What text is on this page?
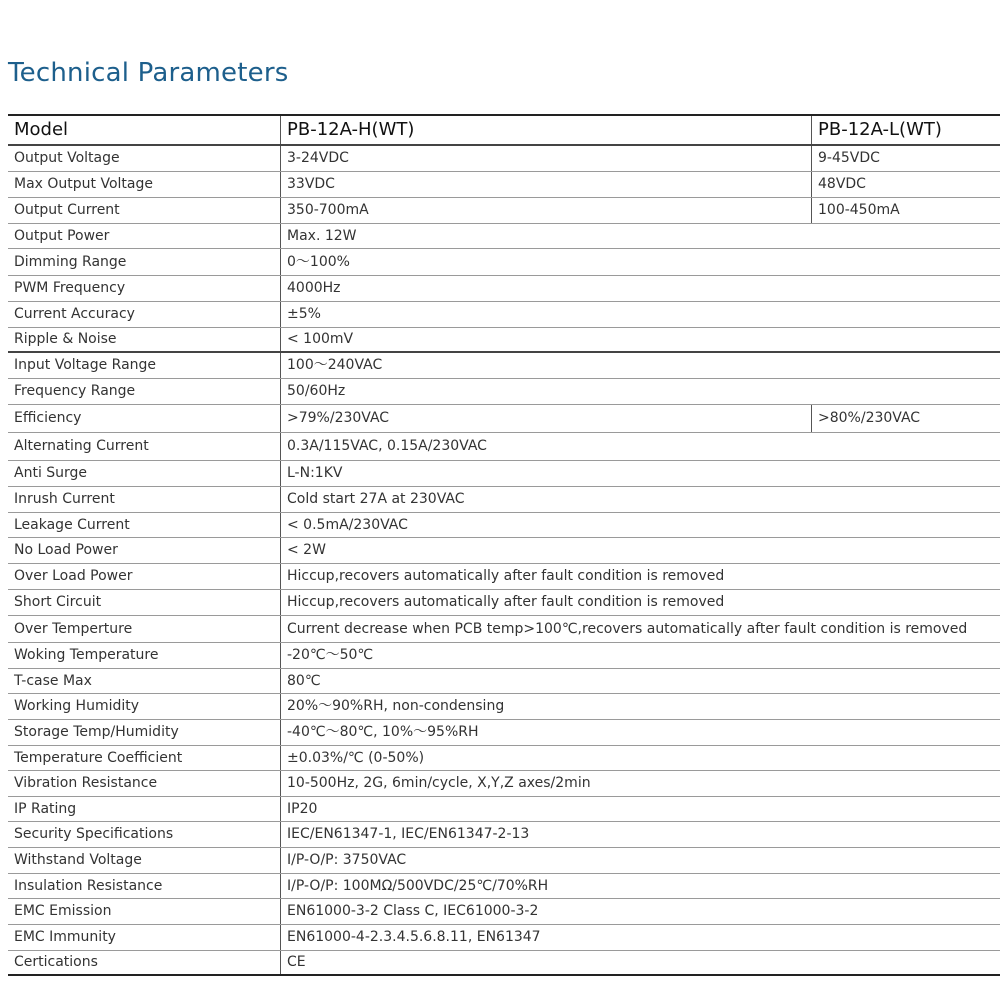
Technical Parameters
Model	PB-12A-H(WT)	PB-12A-L(WT)
Output Voltage	3-24VDC	9-45VDC
Max Output Voltage	33VDC	48VDC
Output Current	350-700mA	100-450mA
Output Power	Max. 12W	
Dimming Range	0～100%	
PWM Frequency	4000Hz	
Current Accuracy	±5%	
Ripple & Noise	< 100mV	
Input Voltage Range	100～240VAC	
Frequency Range	50/60Hz	
Efficiency	>79%/230VAC	>80%/230VAC
Alternating Current	0.3A/115VAC, 0.15A/230VAC	
Anti Surge	L-N:1KV	
Inrush Current	Cold start 27A at 230VAC	
Leakage Current	< 0.5mA/230VAC	
No Load Power	< 2W	
Over Load Power	Hiccup,recovers automatically after fault condition is removed	
Short Circuit	Hiccup,recovers automatically after fault condition is removed	
Over Temperture	Current decrease when PCB temp>100℃,recovers automatically after fault condition is removed	
Woking Temperature	-20℃～50℃	
T-case Max	80℃	
Working Humidity	20%～90%RH, non-condensing	
Storage Temp/Humidity	-40℃～80℃, 10%～95%RH	
Temperature Coefficient	±0.03%/℃ (0-50%)	
Vibration Resistance	10-500Hz, 2G, 6min/cycle, X,Y,Z axes/2min	
IP Rating	IP20	
Security Specifications	IEC/EN61347-1, IEC/EN61347-2-13	
Withstand Voltage	I/P-O/P: 3750VAC	
Insulation Resistance	I/P-O/P: 100MΩ/500VDC/25℃/70%RH	
EMC Emission	EN61000-3-2 Class C, IEC61000-3-2	
EMC Immunity	EN61000-4-2.3.4.5.6.8.11, EN61347	
Certications	CE	
